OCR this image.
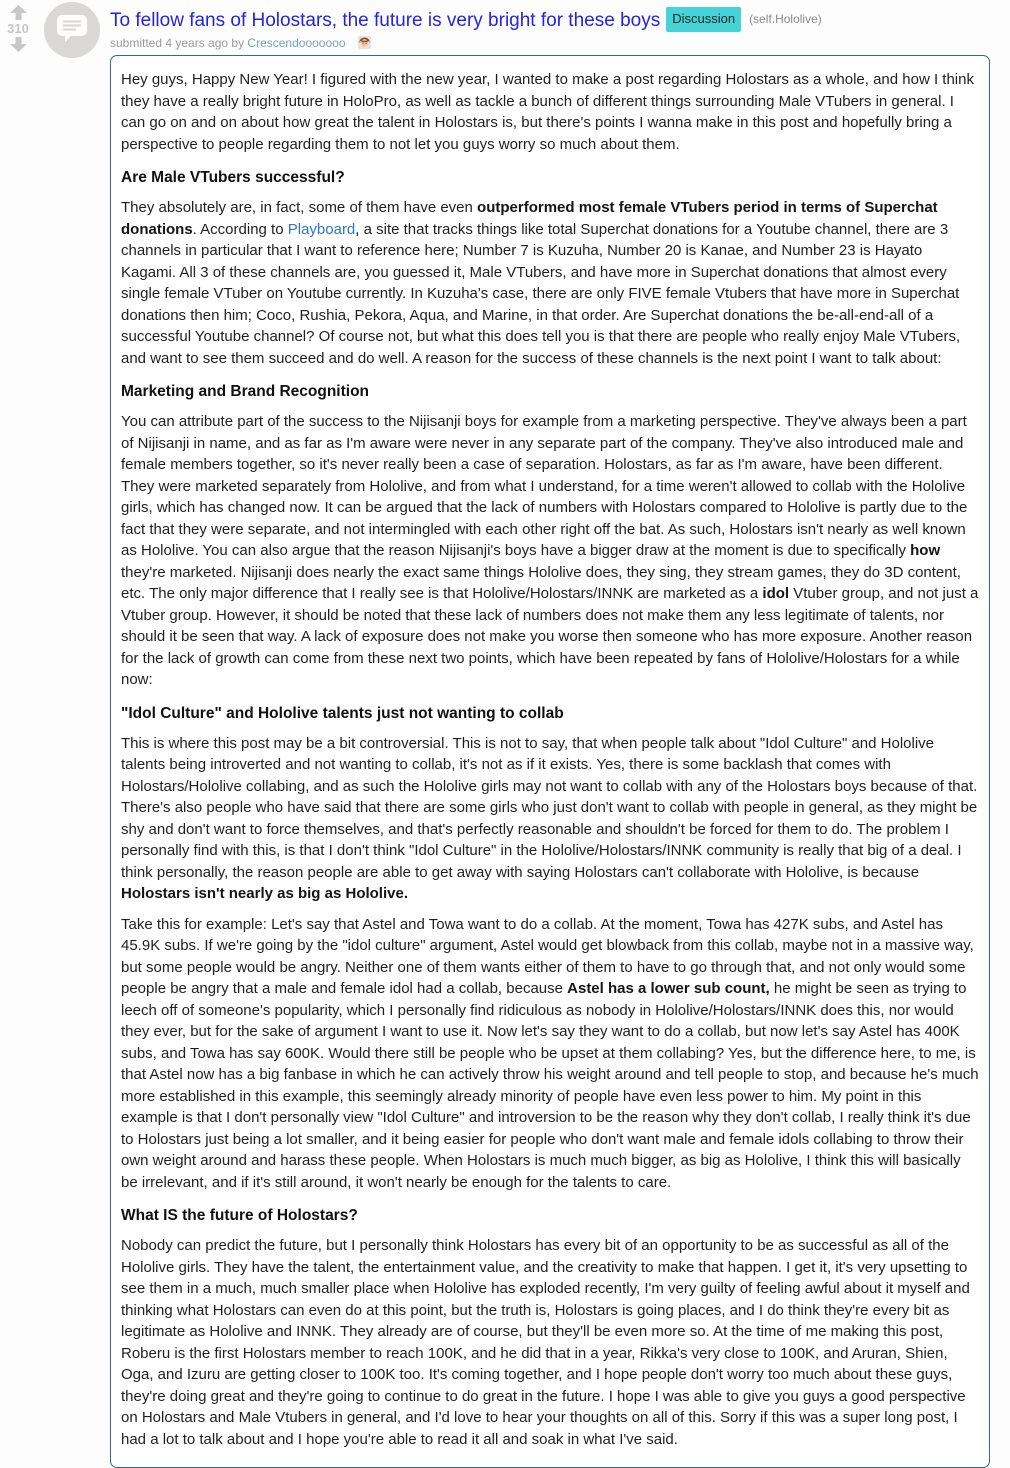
310	To fellow fans of Holostars, the future is very bright for these boys Discussion (self.Hololive)
submitted 4 years ago by Crescendooooooo

Hey guys, Happy New Year! I figured with the new year, I wanted to make a post regarding Holostars as a whole, and how I think they have a really bright future in HoloPro, as well as tackle a bunch of different things surrounding Male VTubers in general. I can go on and on about how great the talent in Holostars is, but there's points I wanna make in this post and hopefully bring a perspective to people regarding them to not let you guys worry so much about them.

Are Male VTubers successful?

They absolutely are, in fact, some of them have even outperformed most female VTubers period in terms of Superchat donations. According to Playboard, a site that tracks things like total Superchat donations for a Youtube channel, there are 3 channels in particular that I want to reference here; Number 7 is Kuzuha, Number 20 is Kanae, and Number 23 is Hayato Kagami. All 3 of these channels are, you guessed it, Male VTubers, and have more in Superchat donations that almost every single female VTuber on Youtube currently. In Kuzuha's case, there are only FIVE female Vtubers that have more in Superchat donations then him; Coco, Rushia, Pekora, Aqua, and Marine, in that order. Are Superchat donations the be-all-end-all of a successful Youtube channel? Of course not, but what this does tell you is that there are people who really enjoy Male VTubers, and want to see them succeed and do well. A reason for the success of these channels is the next point I want to talk about:

Marketing and Brand Recognition

You can attribute part of the success to the Nijisanji boys for example from a marketing perspective. They've always been a part of Nijisanji in name, and as far as I'm aware were never in any separate part of the company. They've also introduced male and female members together, so it's never really been a case of separation. Holostars, as far as I'm aware, have been different. They were marketed separately from Hololive, and from what I understand, for a time weren't allowed to collab with the Hololive girls, which has changed now. It can be argued that the lack of numbers with Holostars compared to Hololive is partly due to the fact that they were separate, and not intermingled with each other right off the bat. As such, Holostars isn't nearly as well known as Hololive. You can also argue that the reason Nijisanji's boys have a bigger draw at the moment is due to specifically how they're marketed. Nijisanji does nearly the exact same things Hololive does, they sing, they stream games, they do 3D content, etc. The only major difference that I really see is that Hololive/Holostars/INNK are marketed as a idol Vtuber group, and not just a Vtuber group. However, it should be noted that these lack of numbers does not make them any less legitimate of talents, nor should it be seen that way. A lack of exposure does not make you worse then someone who has more exposure. Another reason for the lack of growth can come from these next two points, which have been repeated by fans of Hololive/Holostars for a while now:

"Idol Culture" and Hololive talents just not wanting to collab

This is where this post may be a bit controversial. This is not to say, that when people talk about "Idol Culture" and Hololive talents being introverted and not wanting to collab, it's not as if it exists. Yes, there is some backlash that comes with Holostars/Hololive collabing, and as such the Hololive girls may not want to collab with any of the Holostars boys because of that. There's also people who have said that there are some girls who just don't want to collab with people in general, as they might be shy and don't want to force themselves, and that's perfectly reasonable and shouldn't be forced for them to do. The problem I personally find with this, is that I don't think "Idol Culture" in the Hololive/Holostars/INNK community is really that big of a deal. I think personally, the reason people are able to get away with saying Holostars can't collaborate with Hololive, is because Holostars isn't nearly as big as Hololive.

Take this for example: Let's say that Astel and Towa want to do a collab. At the moment, Towa has 427K subs, and Astel has 45.9K subs. If we're going by the "idol culture" argument, Astel would get blowback from this collab, maybe not in a massive way, but some people would be angry. Neither one of them wants either of them to have to go through that, and not only would some people be angry that a male and female idol had a collab, because Astel has a lower sub count, he might be seen as trying to leech off of someone's popularity, which I personally find ridiculous as nobody in Hololive/Holostars/INNK does this, nor would they ever, but for the sake of argument I want to use it. Now let's say they want to do a collab, but now let's say Astel has 400K subs, and Towa has say 600K. Would there still be people who be upset at them collabing? Yes, but the difference here, to me, is that Astel now has a big fanbase in which he can actively throw his weight around and tell people to stop, and because he's much more established in this example, this seemingly already minority of people have even less power to him. My point in this example is that I don't personally view "Idol Culture" and introversion to be the reason why they don't collab, I really think it's due to Holostars just being a lot smaller, and it being easier for people who don't want male and female idols collabing to throw their own weight around and harass these people. When Holostars is much much bigger, as big as Hololive, I think this will basically be irrelevant, and if it's still around, it won't nearly be enough for the talents to care.

What IS the future of Holostars?

Nobody can predict the future, but I personally think Holostars has every bit of an opportunity to be as successful as all of the Hololive girls. They have the talent, the entertainment value, and the creativity to make that happen. I get it, it's very upsetting to see them in a much, much smaller place when Hololive has exploded recently, I'm very guilty of feeling awful about it myself and thinking what Holostars can even do at this point, but the truth is, Holostars is going places, and I do think they're every bit as legitimate as Hololive and INNK. They already are of course, but they'll be even more so. At the time of me making this post, Roberu is the first Holostars member to reach 100K, and he did that in a year, Rikka's very close to 100K, and Aruran, Shien, Oga, and Izuru are getting closer to 100K too. It's coming together, and I hope people don't worry too much about these guys, they're doing great and they're going to continue to do great in the future. I hope I was able to give you guys a good perspective on Holostars and Male Vtubers in general, and I'd love to hear your thoughts on all of this. Sorry if this was a super long post, I had a lot to talk about and I hope you're able to read it all and soak in what I've said.
